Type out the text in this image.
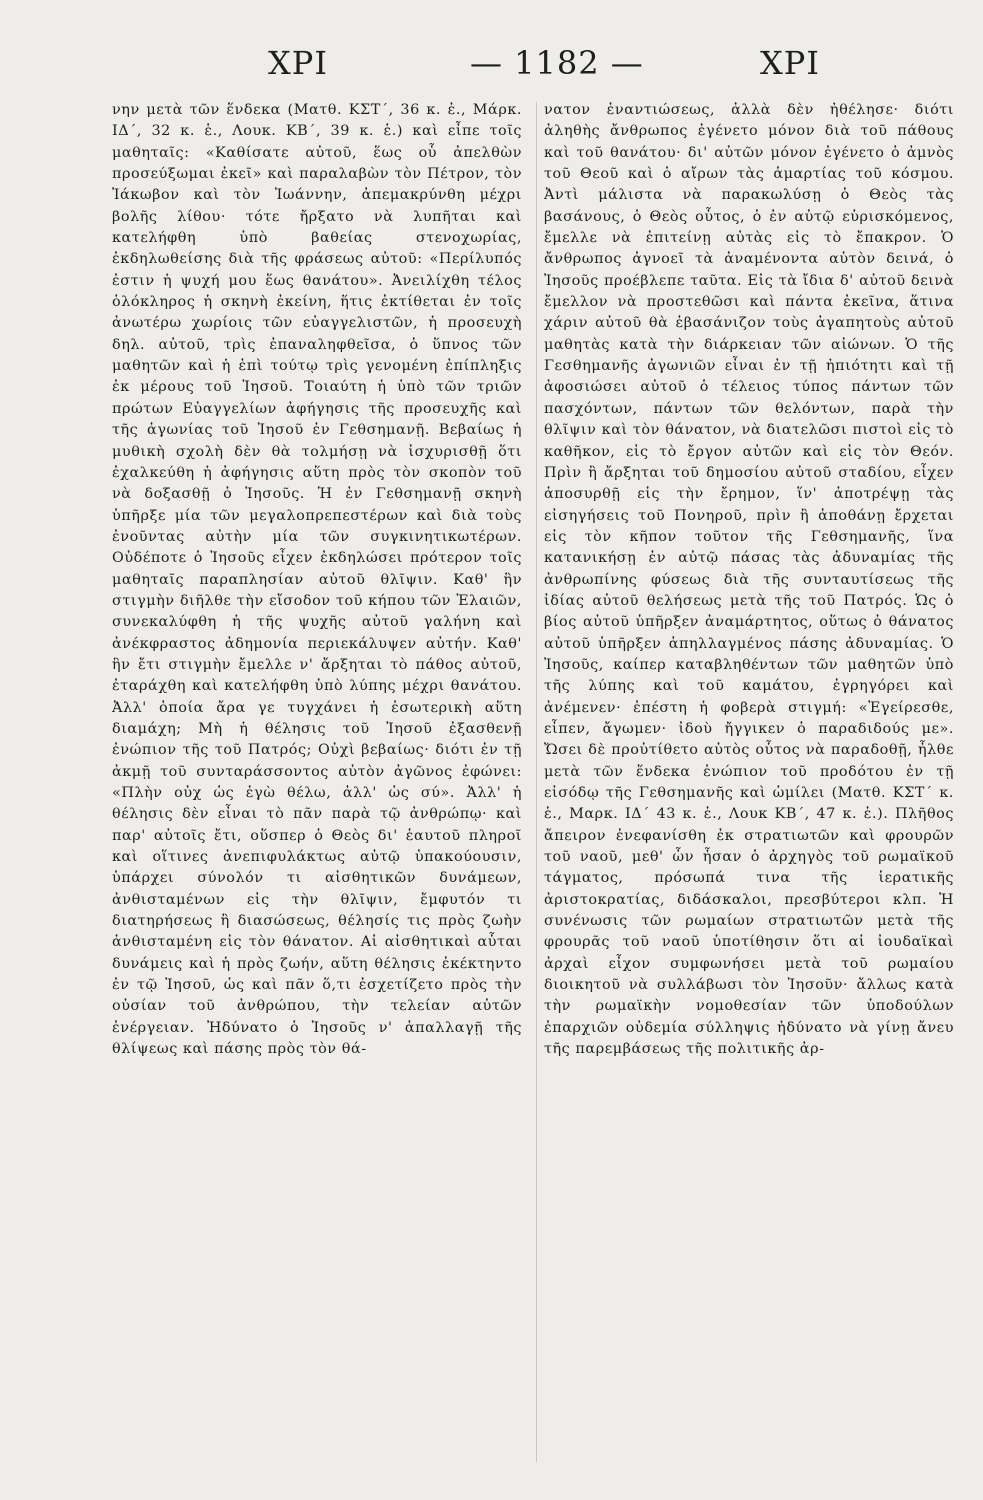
ΧΡΙ	— 1182 —	ΧΡΙ
νην μετὰ τῶν ἕνδεκα (Ματθ. ΚΣΤ΄, 36 κ. ἑ., Μάρκ. ΙΔ΄, 32 κ. ἑ., Λουκ. ΚΒ΄, 39 κ. ἑ.) καὶ εἶπε τοῖς μαθηταῖς: «Καθίσατε αὐτοῦ, ἕως οὗ ἀπελθὼν προσεύξωμαι ἐκεῖ» καὶ παραλαβὼν τὸν Πέτρον, τὸν Ἰάκωβον καὶ τὸν Ἰωάννην, ἀπεμακρύνθη μέχρι βολῆς λίθου· τότε ἤρξατο νὰ λυπῆται καὶ κατελήφθη ὑπὸ βαθείας στενοχωρίας, ἐκδηλωθείσης διὰ τῆς φράσεως αὐτοῦ: «Περίλυπός ἐστιν ἡ ψυχή μου ἕως θανάτου». Ἀνειλίχθη τέλος ὁλόκληρος ἡ σκηνὴ ἐκείνη, ἥτις ἐκτίθεται ἐν τοῖς ἀνωτέρω χωρίοις τῶν εὐαγγελιστῶν, ἡ προσευχὴ δηλ. αὐτοῦ, τρὶς ἐπαναληφθεῖσα, ὁ ὕπνος τῶν μαθητῶν καὶ ἡ ἐπὶ τούτῳ τρὶς γενομένη ἐπίπληξις ἐκ μέρους τοῦ Ἰησοῦ. Τοιαύτη ἡ ὑπὸ τῶν τριῶν πρώτων Εὐαγγελίων ἀφήγησις τῆς προσευχῆς καὶ τῆς ἀγωνίας τοῦ Ἰησοῦ ἐν Γεθσημανῇ. Βεβαίως ἡ μυθικὴ σχολὴ δὲν θὰ τολμήσῃ νὰ ἰσχυρισθῇ ὅτι ἐχαλκεύθη ἡ ἀφήγησις αὕτη πρὸς τὸν σκοπὸν τοῦ νὰ δοξασθῇ ὁ Ἰησοῦς. Ἡ ἐν Γεθσημανῇ σκηνὴ ὑπῆρξε μία τῶν μεγαλοπρεπεστέρων καὶ διὰ τοὺς ἐνοῦντας αὐτὴν μία τῶν συγκινητικωτέρων. Οὐδέποτε ὁ Ἰησοῦς εἶχεν ἐκδηλώσει πρότερον τοῖς μαθηταῖς παραπλησίαν αὐτοῦ θλῖψιν. Καθ' ἣν στιγμὴν διῆλθε τὴν εἴσοδον τοῦ κήπου τῶν Ἐλαιῶν, συνεκαλύφθη ἡ τῆς ψυχῆς αὐτοῦ γαλήνη καὶ ἀνέκφραστος ἀδημονία περιεκάλυψεν αὐτήν. Καθ' ἣν ἔτι στιγμὴν ἔμελλε ν' ἄρξηται τὸ πάθος αὐτοῦ, ἐταράχθη καὶ κατελήφθη ὑπὸ λύπης μέχρι θανάτου. Ἀλλ' ὁποία ἄρα γε τυγχάνει ἡ ἐσωτερικὴ αὕτη διαμάχη; Μὴ ἡ θέλησις τοῦ Ἰησοῦ ἐξασθενῇ ἐνώπιον τῆς τοῦ Πατρός; Οὐχὶ βεβαίως· διότι ἐν τῇ ἀκμῇ τοῦ συνταράσσοντος αὐτὸν ἀγῶνος ἐφώνει: «Πλὴν οὐχ ὡς ἐγὼ θέλω, ἀλλ' ὡς σύ». Ἀλλ' ἡ θέλησις δὲν εἶναι τὸ πᾶν παρὰ τῷ ἀνθρώπῳ· καὶ παρ' αὐτοῖς ἔτι, οὕσπερ ὁ Θεὸς δι' ἑαυτοῦ πληροῖ καὶ οἵτινες ἀνεπιφυλάκτως αὐτῷ ὑπακούουσιν, ὑπάρχει σύνολόν τι αἰσθητικῶν δυνάμεων, ἀνθισταμένων εἰς τὴν θλῖψιν, ἔμφυτόν τι διατηρήσεως ἢ διασώσεως, θέλησίς τις πρὸς ζωὴν ἀνθισταμένη εἰς τὸν θάνατον. Αἱ αἰσθητικαὶ αὗται δυνάμεις καὶ ἡ πρὸς ζωήν, αὕτη θέλησις ἐκέκτηντο ἐν τῷ Ἰησοῦ, ὡς καὶ πᾶν ὅ,τι ἐσχετίζετο πρὸς τὴν οὐσίαν τοῦ ἀνθρώπου, τὴν τελείαν αὐτῶν ἐνέργειαν. Ἠδύνατο ὁ Ἰησοῦς ν' ἀπαλλαγῇ τῆς θλίψεως καὶ πάσης πρὸς τὸν θά-
νατον ἐναντιώσεως, ἀλλὰ δὲν ἠθέλησε· διότι ἀληθὴς ἄνθρωπος ἐγένετο μόνον διὰ τοῦ πάθους καὶ τοῦ θανάτου· δι' αὐτῶν μόνον ἐγένετο ὁ ἀμνὸς τοῦ Θεοῦ καὶ ὁ αἴρων τὰς ἁμαρτίας τοῦ κόσμου. Ἀντὶ μάλιστα νὰ παρακωλύσῃ ὁ Θεὸς τὰς βασάνους, ὁ Θεὸς οὗτος, ὁ ἐν αὐτῷ εὑρισκόμενος, ἔμελλε νὰ ἐπιτείνῃ αὐτὰς εἰς τὸ ἔπακρον. Ὁ ἄνθρωπος ἀγνοεῖ τὰ ἀναμένοντα αὐτὸν δεινά, ὁ Ἰησοῦς προέβλεπε ταῦτα. Εἰς τὰ ἴδια δ' αὐτοῦ δεινὰ ἔμελλον νὰ προστεθῶσι καὶ πάντα ἐκεῖνα, ἅτινα χάριν αὐτοῦ θὰ ἐβασάνιζον τοὺς ἀγαπητοὺς αὐτοῦ μαθητὰς κατὰ τὴν διάρκειαν τῶν αἰώνων. Ὁ τῆς Γεσθημανῆς ἀγωνιῶν εἶναι ἐν τῇ ἠπιότητι καὶ τῇ ἀφοσιώσει αὐτοῦ ὁ τέλειος τύπος πάντων τῶν πασχόντων, πάντων τῶν θελόντων, παρὰ τὴν θλῖψιν καὶ τὸν θάνατον, νὰ διατελῶσι πιστοὶ εἰς τὸ καθῆκον, εἰς τὸ ἔργον αὐτῶν καὶ εἰς τὸν Θεόν. Πρὶν ἢ ἄρξηται τοῦ δημοσίου αὐτοῦ σταδίου, εἶχεν ἀποσυρθῇ εἰς τὴν ἔρημον, ἵν' ἀποτρέψῃ τὰς εἰσηγήσεις τοῦ Πονηροῦ, πρὶν ἢ ἀποθάνῃ ἔρχεται εἰς τὸν κῆπον τοῦτον τῆς Γεθσημανῆς, ἵνα κατανικήσῃ ἐν αὐτῷ πάσας τὰς ἀδυναμίας τῆς ἀνθρωπίνης φύσεως διὰ τῆς συνταυτίσεως τῆς ἰδίας αὐτοῦ θελήσεως μετὰ τῆς τοῦ Πατρός. Ὡς ὁ βίος αὐτοῦ ὑπῆρξεν ἀναμάρτητος, οὕτως ὁ θάνατος αὐτοῦ ὑπῆρξεν ἀπηλλαγμένος πάσης ἀδυναμίας. Ὁ Ἰησοῦς, καίπερ καταβληθέντων τῶν μαθητῶν ὑπὸ τῆς λύπης καὶ τοῦ καμάτου, ἐγρηγόρει καὶ ἀνέμενεν· ἐπέστη ἡ φοβερὰ στιγμή: «Ἐγείρεσθε, εἶπεν, ἄγωμεν· ἰδοὺ ἤγγικεν ὁ παραδιδούς με». Ὤσει δὲ προὐτίθετο αὐτὸς οὗτος νὰ παραδοθῇ, ἦλθε μετὰ τῶν ἕνδεκα ἐνώπιον τοῦ προδότου ἐν τῇ εἰσόδῳ τῆς Γεθσημανῆς καὶ ὡμίλει (Ματθ. ΚΣΤ΄ κ. ἑ., Μαρκ. ΙΔ΄ 43 κ. ἑ., Λουκ ΚΒ΄, 47 κ. ἑ.). Πλῆθος ἄπειρον ἐνεφανίσθη ἐκ στρατιωτῶν καὶ φρουρῶν τοῦ ναοῦ, μεθ' ὧν ἦσαν ὁ ἀρχηγὸς τοῦ ρωμαϊκοῦ τάγματος, πρόσωπά τινα τῆς ἱερατικῆς ἀριστοκρατίας, διδάσκαλοι, πρεσβύτεροι κλπ. Ἡ συνένωσις τῶν ρωμαίων στρατιωτῶν μετὰ τῆς φρουρᾶς τοῦ ναοῦ ὑποτίθησιν ὅτι αἱ ἰουδαϊκαὶ ἀρχαὶ εἶχον συμφωνήσει μετὰ τοῦ ρωμαίου διοικητοῦ νὰ συλλάβωσι τὸν Ἰησοῦν· ἄλλως κατὰ τὴν ρωμαϊκὴν νομοθεσίαν τῶν ὑποδούλων ἐπαρχιῶν οὐδεμία σύλληψις ἠδύνατο νὰ γίνῃ ἄνευ τῆς παρεμβάσεως τῆς πολιτικῆς ἀρ-
